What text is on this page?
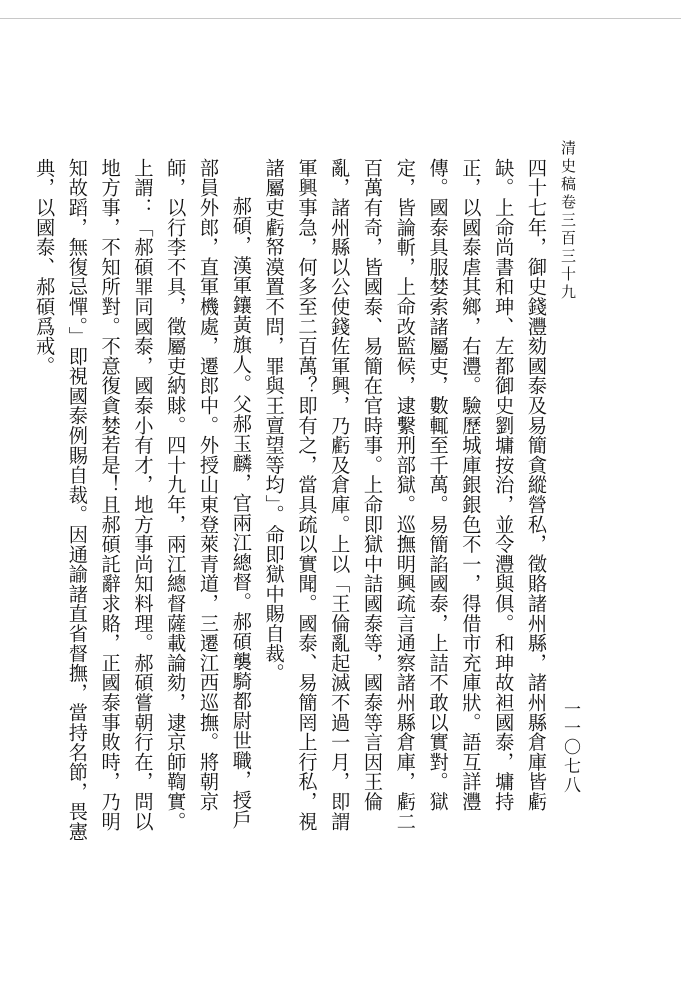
清史稿卷三百三十九
一一〇七八

四十七年，御史錢灃劾國泰及易簡貪縱營私，徵賂諸州縣，諸州縣倉庫皆虧缺。上命尚書和珅、左都御史劉墉按治，並令灃與俱。和珅故袒國泰，墉持正，以國泰虐其鄉，右灃。驗歷城庫銀銀色不一，得借市充庫狀。語互詳灃傳。國泰具服婪索諸屬吏，數輒至千萬。易簡諂國泰，上詰不敢以實對。獄定，皆論斬，上命改監候，逮繫刑部獄。巡撫明興疏言通察諸州縣倉庫，虧二百萬有奇，皆國泰、易簡在官時事。上命即獄中詰國泰等，國泰等言因王倫亂，諸州縣以公使錢佐軍興，乃虧及倉庫。上以「王倫亂起滅不過一月，即謂軍興事急，何多至二百萬？即有之，當具疏以實聞。國泰、易簡罔上行私，視諸屬吏虧帑漠置不問，罪與王亶望等均」。命即獄中賜自裁。

郝碩，漢軍鑲黃旗人。父郝玉麟，官兩江總督。郝碩襲騎都尉世職，授戶部員外郎，直軍機處，遷郎中。外授山東登萊青道，三遷江西巡撫。將朝京師，以行李不具，徵屬吏納賕。四十九年，兩江總督薩載論劾，逮京師鞫實。上謂：「郝碩罪同國泰，國泰小有才，地方事尚知料理。郝碩嘗朝行在，問以地方事，不知所對。不意復貪婪若是！且郝碩託辭求賂，正國泰事敗時，乃明知故蹈，無復忌憚。」即視國泰例賜自裁。因通諭諸直省督撫，當持名節，畏憲典，以國泰、郝碩爲戒。
